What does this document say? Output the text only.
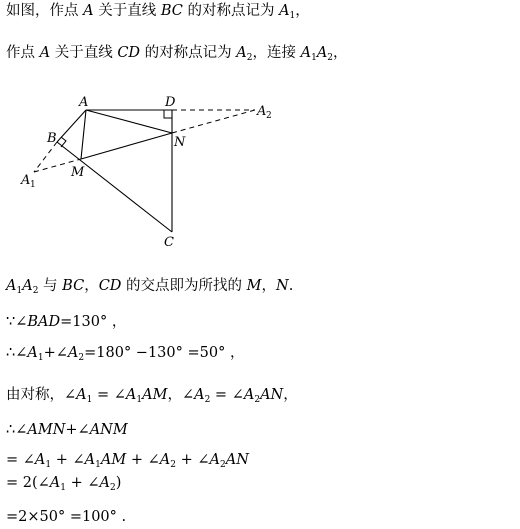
如图，作点 A 关于直线 BC 的对称点记为 $A_1$，
作点 A 关于直线 CD 的对称点记为 $A_2$，连接 $A_1A_2$，
A	D
A 2
B	N
A 1
M
C
$A_1A_2$ 与 BC，CD 的交点即为所找的 M，N.
∵∠BAD=130° ，
$\therefore\angle A_1+\angle A_2=180^\circ -130^\circ =50^\circ$ ，
由对称，$\angle A_1$ = $\angle A_1AM$，$\angle A_2$ = $\angle A_2AN$，
∴∠AMN+∠ANM
= $\angle A_1$ + $\angle A_1AM$ + $\angle A_2$ + $\angle A_2AN$
= $2(\angle A_1$ + $\angle A_2$)
=2×50° =100° .
